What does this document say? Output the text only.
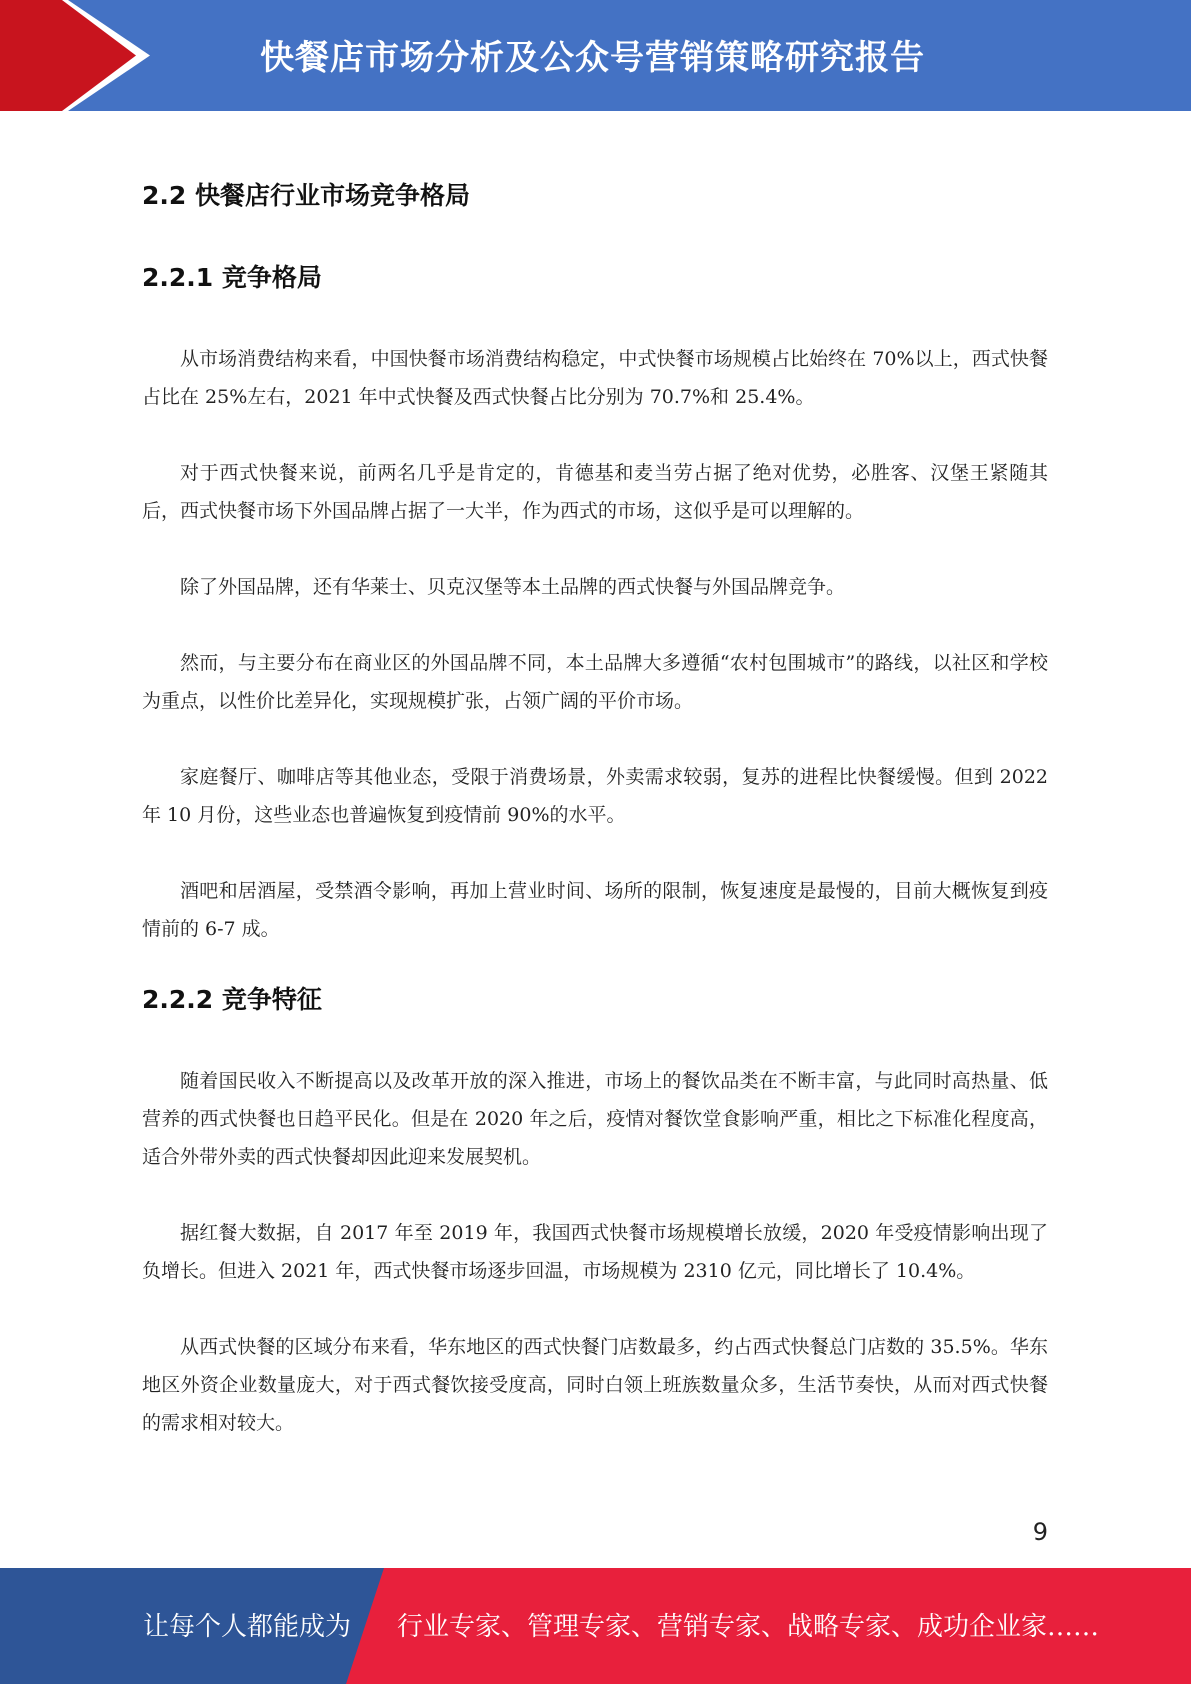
快餐店市场分析及公众号营销策略研究报告
2.2 快餐店行业市场竞争格局
2.2.1 竞争格局

从市场消费结构来看，中国快餐市场消费结构稳定，中式快餐市场规模占比始终在 70%以上，西式快餐占比在 25%左右，2021 年中式快餐及西式快餐占比分别为 70.7%和 25.4%。

对于西式快餐来说，前两名几乎是肯定的，肯德基和麦当劳占据了绝对优势，必胜客、汉堡王紧随其后，西式快餐市场下外国品牌占据了一大半，作为西式的市场，这似乎是可以理解的。

除了外国品牌，还有华莱士、贝克汉堡等本土品牌的西式快餐与外国品牌竞争。

然而，与主要分布在商业区的外国品牌不同，本土品牌大多遵循“农村包围城市”的路线，以社区和学校为重点，以性价比差异化，实现规模扩张，占领广阔的平价市场。

家庭餐厅、咖啡店等其他业态，受限于消费场景，外卖需求较弱，复苏的进程比快餐缓慢。但到 2022 年 10 月份，这些业态也普遍恢复到疫情前 90%的水平。

酒吧和居酒屋，受禁酒令影响，再加上营业时间、场所的限制，恢复速度是最慢的，目前大概恢复到疫情前的 6-7 成。

2.2.2 竞争特征

随着国民收入不断提高以及改革开放的深入推进，市场上的餐饮品类在不断丰富，与此同时高热量、低营养的西式快餐也日趋平民化。但是在 2020 年之后，疫情对餐饮堂食影响严重，相比之下标准化程度高，适合外带外卖的西式快餐却因此迎来发展契机。

据红餐大数据，自 2017 年至 2019 年，我国西式快餐市场规模增长放缓，2020 年受疫情影响出现了负增长。但进入 2021 年，西式快餐市场逐步回温，市场规模为 2310 亿元，同比增长了 10.4%。

从西式快餐的区域分布来看，华东地区的西式快餐门店数最多，约占西式快餐总门店数的 35.5%。华东地区外资企业数量庞大，对于西式餐饮接受度高，同时白领上班族数量众多，生活节奏快，从而对西式快餐的需求相对较大。

9
让每个人都能成为 行业专家、管理专家、营销专家、战略专家、成功企业家……
